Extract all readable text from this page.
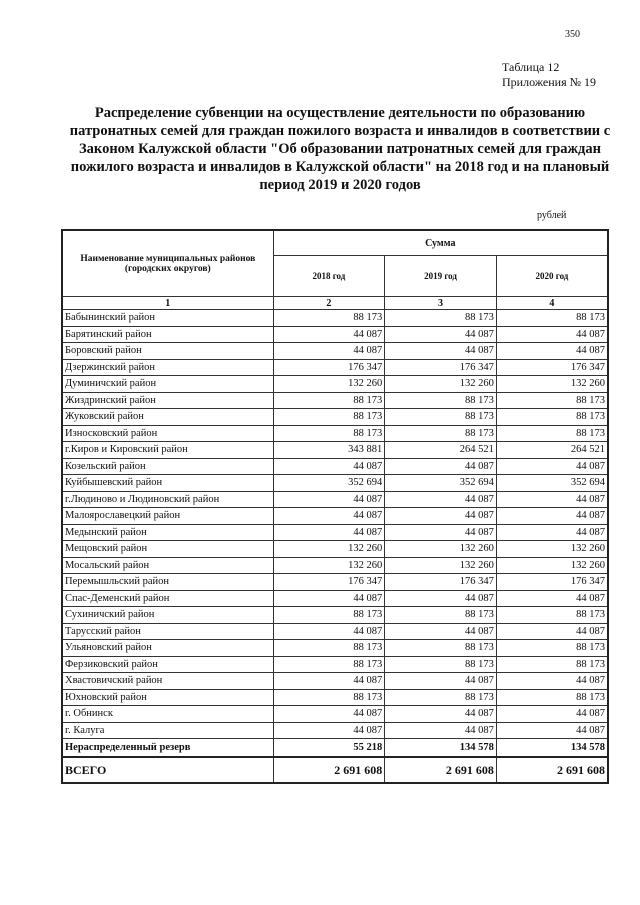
350
Таблица 12
Приложения № 19
Распределение субвенции на осуществление деятельности по образованию патронатных семей для граждан пожилого возраста и инвалидов в соответствии с Законом Калужской области "Об образовании патронатных семей для граждан пожилого возраста и инвалидов в Калужской области" на 2018 год и на плановый период 2019 и 2020 годов
рублей
Наименование муниципальных районов (городских округов)	Сумма		
	2018 год	2019 год	2020 год
1	2	3	4
Бабынинский район	88 173	88 173	88 173
Барятинский район	44 087	44 087	44 087
Боровский район	44 087	44 087	44 087
Дзержинский район	176 347	176 347	176 347
Думиничский район	132 260	132 260	132 260
Жиздринский район	88 173	88 173	88 173
Жуковский район	88 173	88 173	88 173
Износковский район	88 173	88 173	88 173
г.Киров и Кировский район	343 881	264 521	264 521
Козельский район	44 087	44 087	44 087
Куйбышевский район	352 694	352 694	352 694
г.Людиново и Людиновский район	44 087	44 087	44 087
Малоярославецкий район	44 087	44 087	44 087
Медынский район	44 087	44 087	44 087
Мещовский район	132 260	132 260	132 260
Мосальский район	132 260	132 260	132 260
Перемышльский район	176 347	176 347	176 347
Спас-Деменский район	44 087	44 087	44 087
Сухиничский район	88 173	88 173	88 173
Тарусский район	44 087	44 087	44 087
Ульяновский район	88 173	88 173	88 173
Ферзиковский район	88 173	88 173	88 173
Хвастовичский район	44 087	44 087	44 087
Юхновский район	88 173	88 173	88 173
г. Обнинск	44 087	44 087	44 087
г. Калуга	44 087	44 087	44 087
Нераспределенный резерв	55 218	134 578	134 578
ВСЕГО	2 691 608	2 691 608	2 691 608
